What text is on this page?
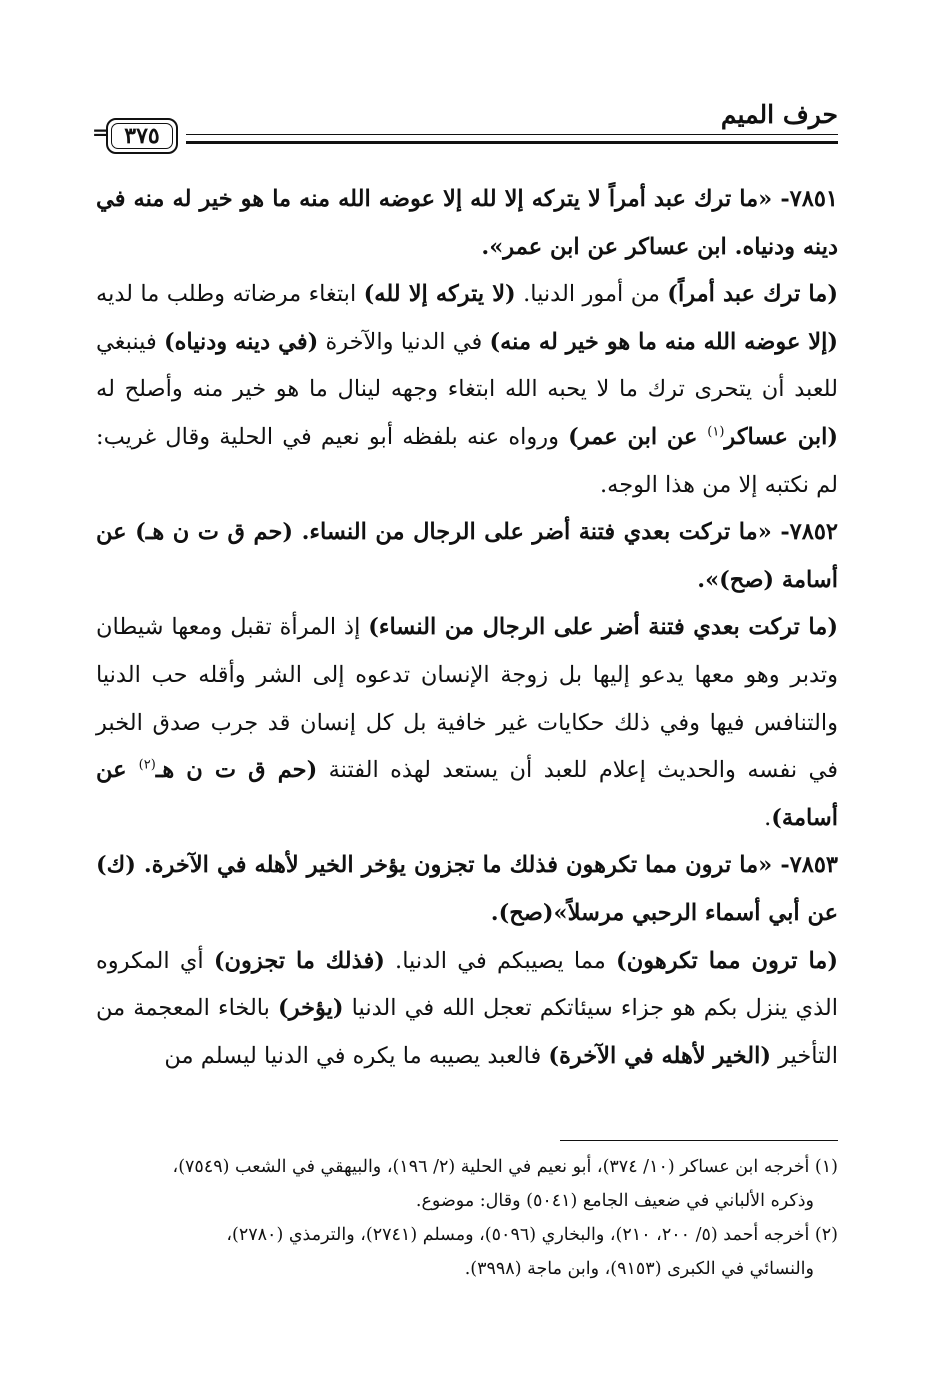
حرف الميم
٣٧٥
=

٧٨٥١- «ما ترك عبد أمراً لا يتركه إلا لله إلا عوضه الله منه ما هو خير له منه في دينه ودنياه. ابن عساكر عن ابن عمر».

(ما ترك عبد أمراً) من أمور الدنيا. (لا يتركه إلا لله) ابتغاء مرضاته وطلب ما لديه (إلا عوضه الله منه ما هو خير له منه) في الدنيا والآخرة (في دينه ودنياه) فينبغي للعبد أن يتحرى ترك ما لا يحبه الله ابتغاء وجهه لينال ما هو خير منه وأصلح له (ابن عساكر$^{(١)}$ عن ابن عمر) ورواه عنه بلفظه أبو نعيم في الحلية وقال غريب: لم نكتبه إلا من هذا الوجه.

٧٨٥٢- «ما تركت بعدي فتنة أضر على الرجال من النساء. (حم ق ت ن هـ) عن أسامة (صح)».

(ما تركت بعدي فتنة أضر على الرجال من النساء) إذ المرأة تقبل ومعها شيطان وتدبر وهو معها يدعو إليها بل زوجة الإنسان تدعوه إلى الشر وأقله حب الدنيا والتنافس فيها وفي ذلك حكايات غير خافية بل كل إنسان قد جرب صدق الخبر في نفسه والحديث إعلام للعبد أن يستعد لهذه الفتنة (حم ق ت ن هـ$^{(٢)}$ عن أسامة).

٧٨٥٣- «ما ترون مما تكرهون فذلك ما تجزون يؤخر الخير لأهله في الآخرة. (ك) عن أبي أسماء الرحبي مرسلاً»(صح).

(ما ترون مما تكرهون) مما يصيبكم في الدنيا. (فذلك ما تجزون) أي المكروه الذي ينزل بكم هو جزاء سيئاتكم تعجل الله في الدنيا (يؤخر) بالخاء المعجمة من التأخير (الخير لأهله في الآخرة) فالعبد يصيبه ما يكره في الدنيا ليسلم من

(١) أخرجه ابن عساكر (١٠/ ٣٧٤)، أبو نعيم في الحلية (٢/ ١٩٦)، والبيهقي في الشعب (٧٥٤٩)،

وذكره الألباني في ضعيف الجامع (٥٠٤١) وقال: موضوع.

(٢) أخرجه أحمد (٥/ ٢٠٠، ٢١٠)، والبخاري (٥٠٩٦)، ومسلم (٢٧٤١)، والترمذي (٢٧٨٠)،

والنسائي في الكبرى (٩١٥٣)، وابن ماجة (٣٩٩٨).
